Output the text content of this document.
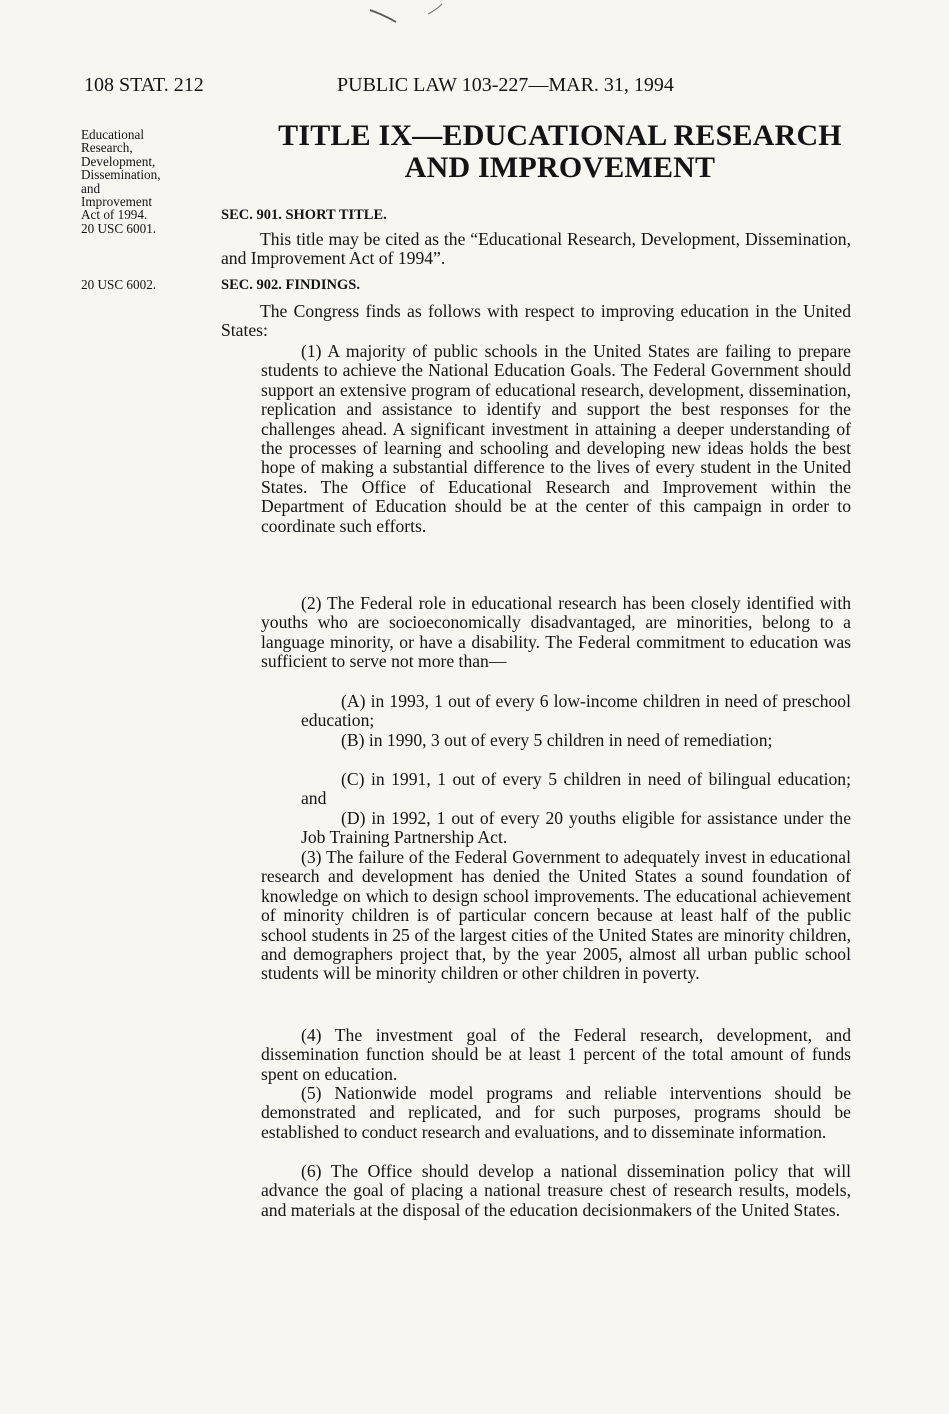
108 STAT. 212	PUBLIC LAW 103-227—MAR. 31, 1994
Educational
Research,
Development,
Dissemination,
and
Improvement
Act of 1994.
20 USC 6001.
20 USC 6002.
TITLE IX—EDUCATIONAL RESEARCH
AND IMPROVEMENT
SEC. 901. SHORT TITLE.

This title may be cited as the “Educational Research, Development, Dissemination, and Improvement Act of 1994”.

SEC. 902. FINDINGS.

The Congress finds as follows with respect to improving education in the United States:

(1) A majority of public schools in the United States are failing to prepare students to achieve the National Education Goals. The Federal Government should support an extensive program of educational research, development, dissemination, replication and assistance to identify and support the best responses for the challenges ahead. A significant investment in attaining a deeper understanding of the processes of learning and schooling and developing new ideas holds the best hope of making a substantial difference to the lives of every student in the United States. The Office of Educational Research and Improvement within the Department of Education should be at the center of this campaign in order to coordinate such efforts.

(2) The Federal role in educational research has been closely identified with youths who are socioeconomically disadvantaged, are minorities, belong to a language minority, or have a disability. The Federal commitment to education was sufficient to serve not more than—

(A) in 1993, 1 out of every 6 low-income children in need of preschool education;

(B) in 1990, 3 out of every 5 children in need of remediation;

(C) in 1991, 1 out of every 5 children in need of bilingual education; and

(D) in 1992, 1 out of every 20 youths eligible for assistance under the Job Training Partnership Act.

(3) The failure of the Federal Government to adequately invest in educational research and development has denied the United States a sound foundation of knowledge on which to design school improvements. The educational achievement of minority children is of particular concern because at least half of the public school students in 25 of the largest cities of the United States are minority children, and demographers project that, by the year 2005, almost all urban public school students will be minority children or other children in poverty.

(4) The investment goal of the Federal research, development, and dissemination function should be at least 1 percent of the total amount of funds spent on education.

(5) Nationwide model programs and reliable interventions should be demonstrated and replicated, and for such purposes, programs should be established to conduct research and evaluations, and to disseminate information.

(6) The Office should develop a national dissemination policy that will advance the goal of placing a national treasure chest of research results, models, and materials at the disposal of the education decisionmakers of the United States.
